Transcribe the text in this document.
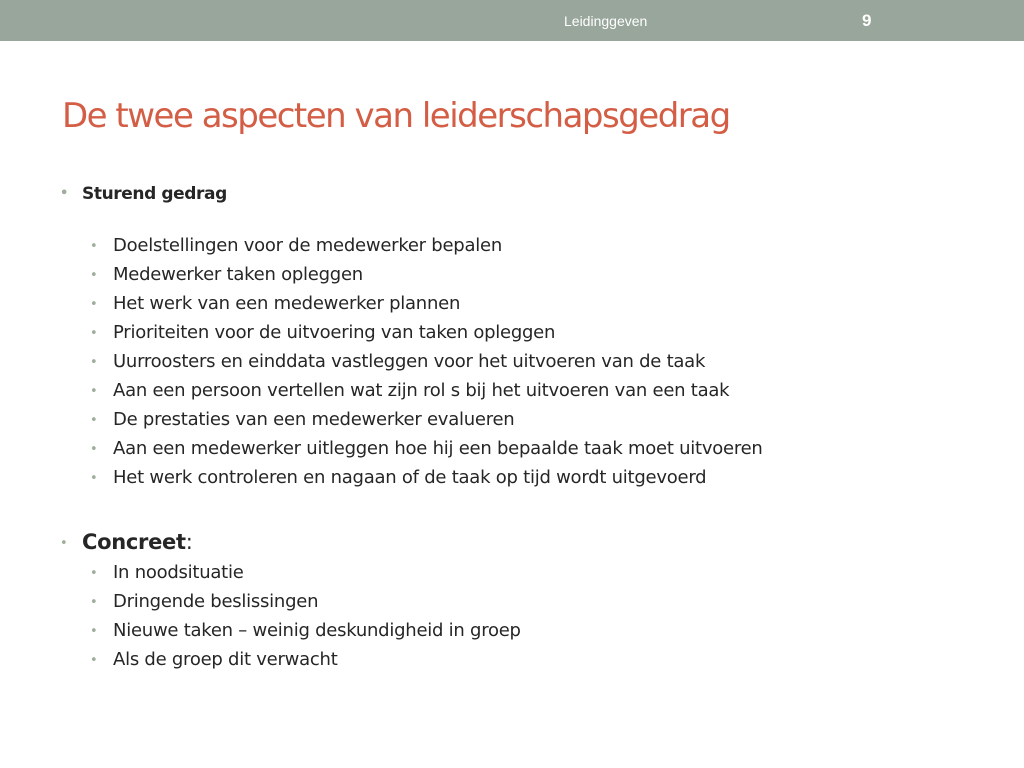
Leidinggeven	9
De twee aspecten van leiderschapsgedrag
• Sturend gedrag
• Doelstellingen voor de medewerker bepalen
• Medewerker taken opleggen
• Het werk van een medewerker plannen
• Prioriteiten voor de uitvoering van taken opleggen
• Uurroosters en einddata vastleggen voor het uitvoeren van de taak
• Aan een persoon vertellen wat zijn rol s bij het uitvoeren van een taak
• De prestaties van een medewerker evalueren
• Aan een medewerker uitleggen hoe hij een bepaalde taak moet uitvoeren
• Het werk controleren en nagaan of de taak op tijd wordt uitgevoerd
• Concreet:
• In noodsituatie
• Dringende beslissingen
• Nieuwe taken – weinig deskundigheid in groep
• Als de groep dit verwacht
